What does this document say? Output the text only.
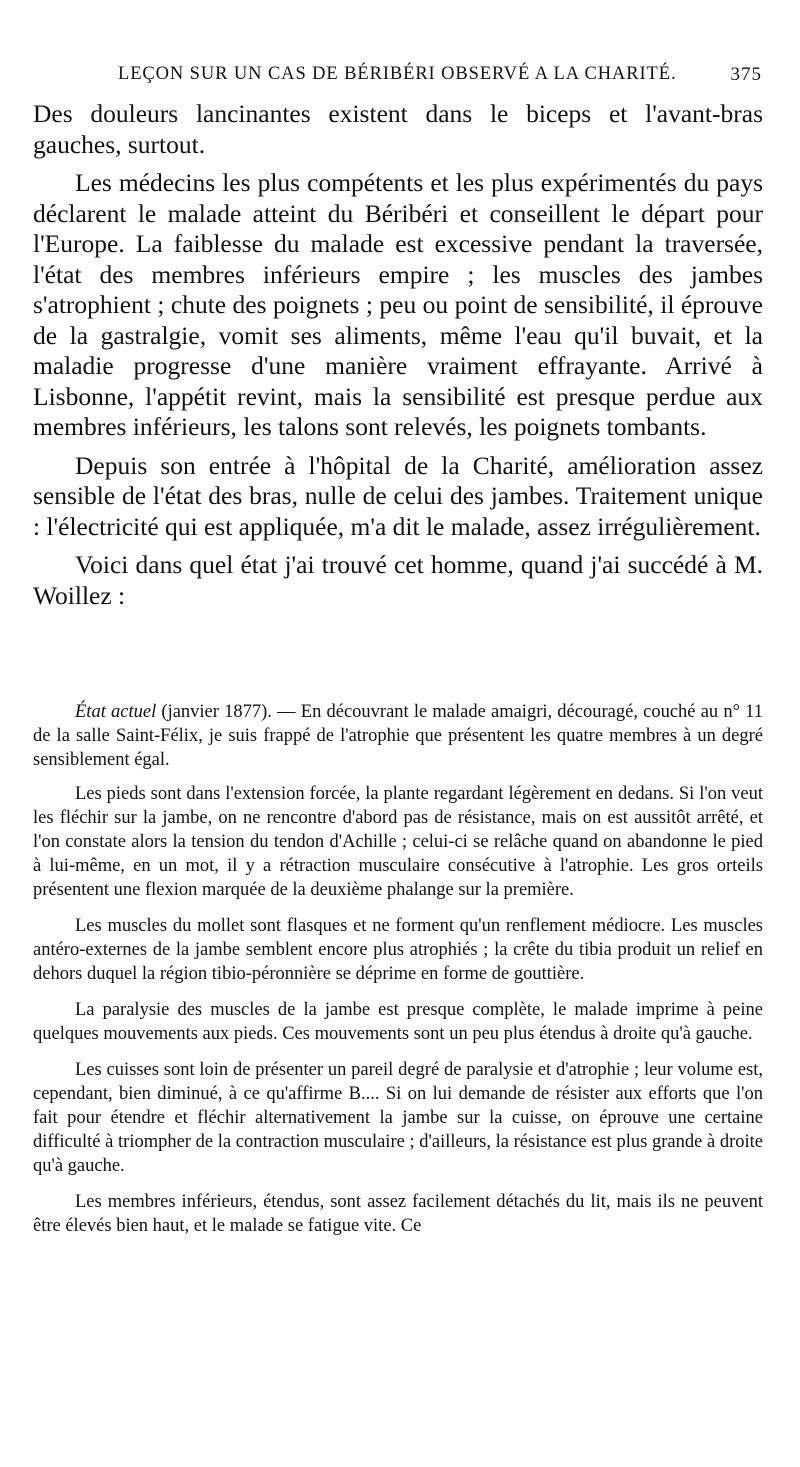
LEÇON SUR UN CAS DE BÉRIBÉRI OBSERVÉ A LA CHARITÉ.	375

Des douleurs lancinantes existent dans le biceps et l'avant-bras gauches, surtout.

Les médecins les plus compétents et les plus expérimentés du pays déclarent le malade atteint du Béribéri et conseillent le départ pour l'Europe. La faiblesse du malade est excessive pendant la traversée, l'état des membres inférieurs empire ; les muscles des jambes s'atrophient ; chute des poignets ; peu ou point de sensibilité, il éprouve de la gastralgie, vomit ses aliments, même l'eau qu'il buvait, et la maladie progresse d'une manière vraiment effrayante. Arrivé à Lisbonne, l'appétit revint, mais la sensibilité est presque perdue aux membres inférieurs, les talons sont relevés, les poignets tombants.

Depuis son entrée à l'hôpital de la Charité, amélioration assez sensible de l'état des bras, nulle de celui des jambes. Traitement unique : l'électricité qui est appliquée, m'a dit le malade, assez irrégulièrement.

Voici dans quel état j'ai trouvé cet homme, quand j'ai succédé à M. Woillez :

État actuel (janvier 1877). — En découvrant le malade amaigri, découragé, couché au n° 11 de la salle Saint-Félix, je suis frappé de l'atrophie que présentent les quatre membres à un degré sensiblement égal.

Les pieds sont dans l'extension forcée, la plante regardant légèrement en dedans. Si l'on veut les fléchir sur la jambe, on ne rencontre d'abord pas de résistance, mais on est aussitôt arrêté, et l'on constate alors la tension du tendon d'Achille ; celui-ci se relâche quand on abandonne le pied à lui-même, en un mot, il y a rétraction musculaire consécutive à l'atrophie. Les gros orteils présentent une flexion marquée de la deuxième phalange sur la première.

Les muscles du mollet sont flasques et ne forment qu'un renflement médiocre. Les muscles antéro-externes de la jambe semblent encore plus atrophiés ; la crête du tibia produit un relief en dehors duquel la région tibio-péronnière se déprime en forme de gouttière.

La paralysie des muscles de la jambe est presque complète, le malade imprime à peine quelques mouvements aux pieds. Ces mouvements sont un peu plus étendus à droite qu'à gauche.

Les cuisses sont loin de présenter un pareil degré de paralysie et d'atrophie ; leur volume est, cependant, bien diminué, à ce qu'affirme B.... Si on lui demande de résister aux efforts que l'on fait pour étendre et fléchir alternativement la jambe sur la cuisse, on éprouve une certaine difficulté à triompher de la contraction musculaire ; d'ailleurs, la résistance est plus grande à droite qu'à gauche.

Les membres inférieurs, étendus, sont assez facilement détachés du lit, mais ils ne peuvent être élevés bien haut, et le malade se fatigue vite. Ce
